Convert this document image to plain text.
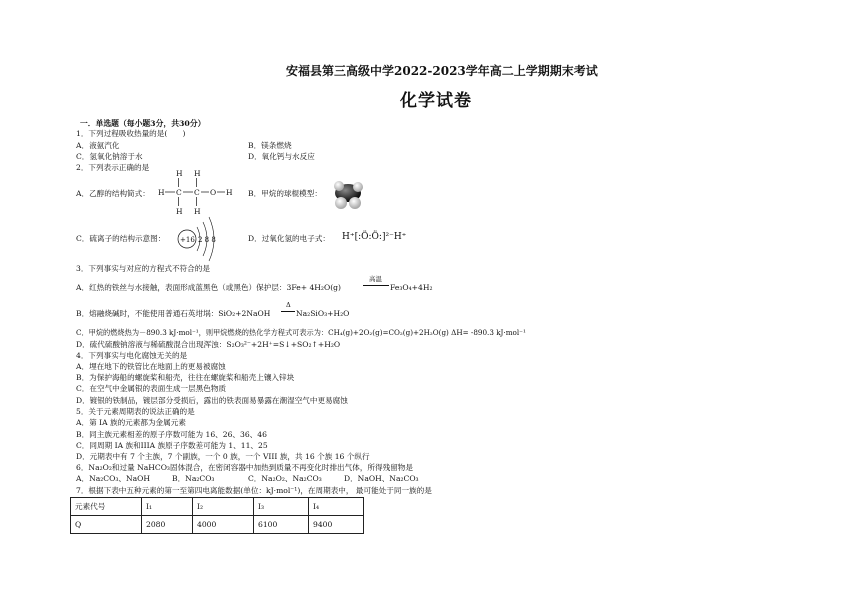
安福县第三高级中学2022-2023学年高二上学期期末考试
化学试卷
一．单选题（每小题3分，共30分）
1．下列过程吸收热量的是(　　)
A．液氨汽化	B．镁条燃烧
C．氢氧化钠溶于水	D．氧化钙与水反应
2．下列表示正确的是
A．乙醇的结构简式：
H H
H C C O H
H H
B．甲烷的球棍模型：
C．硫离子的结构示意图： +16 2 8 8	D．过氧化氢的电子式： H⁺[:Ö:Ö:]²⁻H⁺
3．下列事实与对应的方程式不符合的是
A．红热的铁丝与水接触，表面形成蓝黑色（或黑色）保护层：3Fe+ 4H₂O(g)
高温
Fe₃O₄+4H₂
B．熔融烧碱时，不能使用普通石英坩埚：SiO₂+2NaOH
Δ
Na₂SiO₃+H₂O
C．甲烷的燃烧热为－890.3 kJ·mol⁻¹，则甲烷燃烧的热化学方程式可表示为：CH₄(g)+2O₂(g)=CO₂(g)+2H₂O(g) ΔH= -890.3 kJ·mol⁻¹
D．硫代硫酸钠溶液与稀硫酸混合出现浑浊：S₂O₃²⁻+2H⁺=S↓+SO₂↑+H₂O
4．下列事实与电化腐蚀无关的是
A．埋在地下的铁管比在地面上的更易被腐蚀
B．为保护海船的螺旋桨和船壳，往往在螺旋桨和船壳上镶入锌块
C．在空气中金属银的表面生成一层黑色物质
D．镀银的铁制品，镀层部分受损后，露出的铁表面易暴露在潮湿空气中更易腐蚀
5．关于元素周期表的说法正确的是
A．第 IA 族的元素都为金属元素
B．同主族元素相差的原子序数可能为 16、26、36、46
C．同周期 IA 族和IIIA 族原子序数差可能为 1、11、25
D．元期表中有 7 个主族，7 个副族，一个 0 族，一个 VIII 族，共 16 个族 16 个纵行
6．Na₂O₂和过量 NaHCO₃固体混合，在密闭容器中加热到质量不再变化时排出气体，所得残留物是
A．Na₂CO₃、NaOH	B．Na₂CO₃	C．Na₂O₂、Na₂CO₃	D．NaOH、Na₂CO₃
7．根据下表中五种元素的第一至第四电离能数据(单位：kJ·mol⁻¹)，在周期表中， 最可能处于同一族的是
元素代号	I₁	I₂	I₃	I₄
Q	2080	4000	6100	9400
